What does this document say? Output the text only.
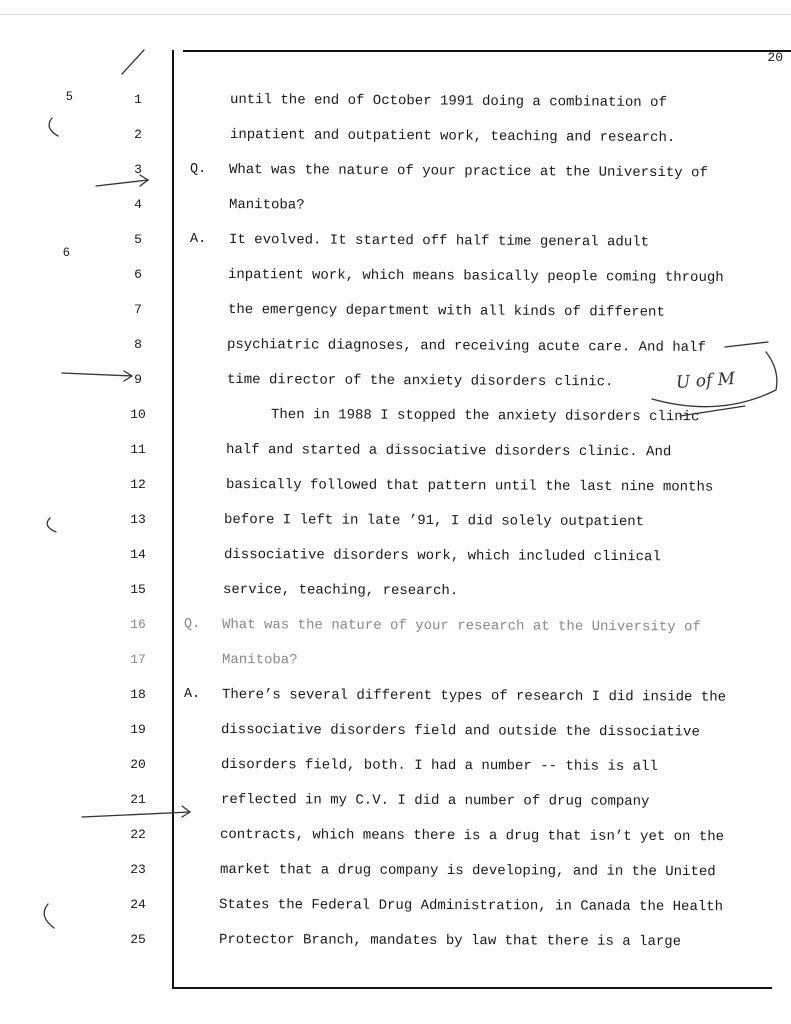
20
5
6
1	until the end of October 1991 doing a combination of
2	inpatient and outpatient work, teaching and research.
3	Q. What was the nature of your practice at the University of
4	Manitoba?
5	A. It evolved. It started off half time general adult
6	inpatient work, which means basically people coming through
7	the emergency department with all kinds of different
8	psychiatric diagnoses, and receiving acute care. And half
9	time director of the anxiety disorders clinic.
10	Then in 1988 I stopped the anxiety disorders clinic
11	half and started a dissociative disorders clinic. And
12	basically followed that pattern until the last nine months
13	before I left in late ’91, I did solely outpatient
14	dissociative disorders work, which included clinical
15	service, teaching, research.
16	Q. What was the nature of your research at the University of
17	Manitoba?
18	A. There’s several different types of research I did inside the
19	dissociative disorders field and outside the dissociative
20	disorders field, both. I had a number -- this is all
21	reflected in my C.V. I did a number of drug company
22	contracts, which means there is a drug that isn’t yet on the
23	market that a drug company is developing, and in the United
24	States the Federal Drug Administration, in Canada the Health
25	Protector Branch, mandates by law that there is a large
U of M
